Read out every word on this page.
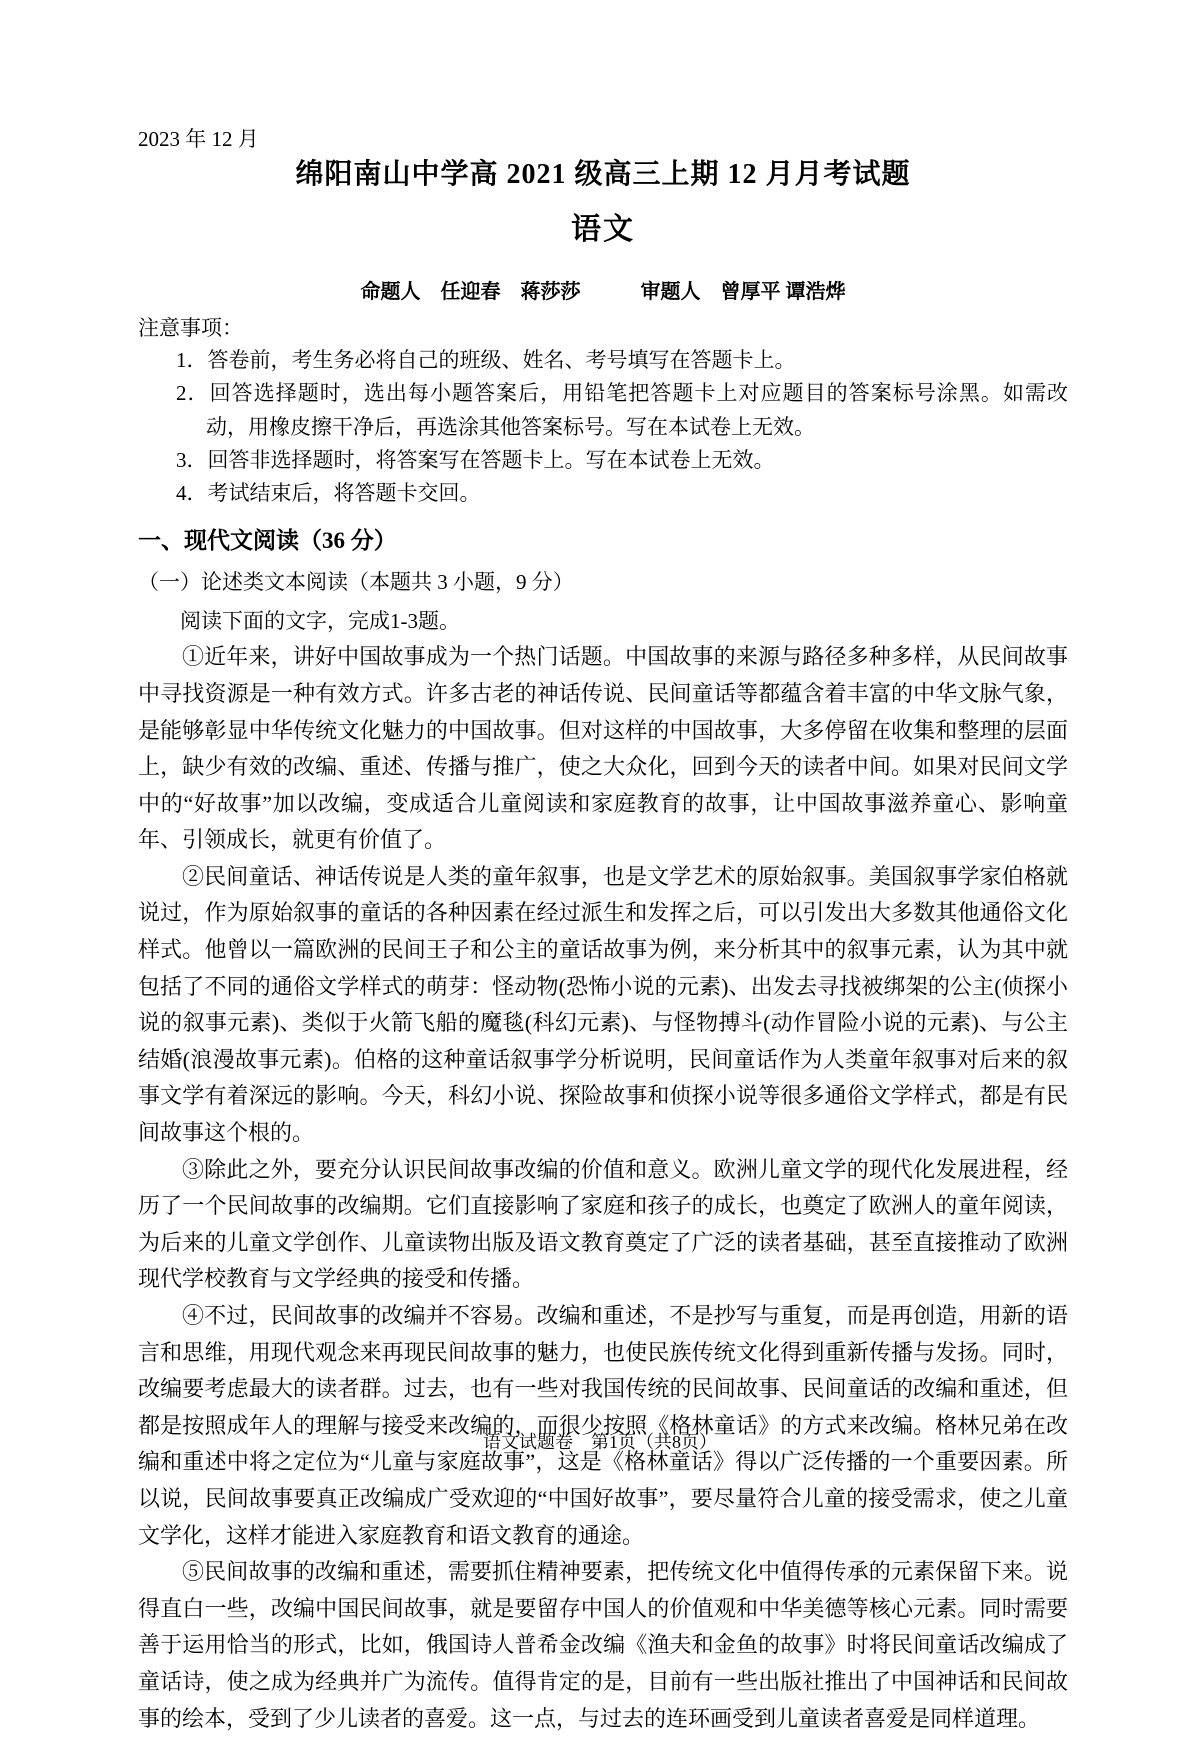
2023 年 12 月
绵阳南山中学高 2021 级高三上期 12 月月考试题
语文
命题人　任迎春　蒋莎莎　　　审题人　曾厚平 谭浩烨
注意事项：
1．答卷前，考生务必将自己的班级、姓名、考号填写在答题卡上。
2．回答选择题时，选出每小题答案后，用铅笔把答题卡上对应题目的答案标号涂黑。如需改动，用橡皮擦干净后，再选涂其他答案标号。写在本试卷上无效。
3．回答非选择题时，将答案写在答题卡上。写在本试卷上无效。
4．考试结束后，将答题卡交回。
一、现代文阅读（36 分）
（一）论述类文本阅读（本题共 3 小题，9 分）
阅读下面的文字，完成1-3题。

①近年来，讲好中国故事成为一个热门话题。中国故事的来源与路径多种多样，从民间故事中寻找资源是一种有效方式。许多古老的神话传说、民间童话等都蕴含着丰富的中华文脉气象，是能够彰显中华传统文化魅力的中国故事。但对这样的中国故事，大多停留在收集和整理的层面上，缺少有效的改编、重述、传播与推广，使之大众化，回到今天的读者中间。如果对民间文学中的“好故事”加以改编，变成适合儿童阅读和家庭教育的故事，让中国故事滋养童心、影响童年、引领成长，就更有价值了。

②民间童话、神话传说是人类的童年叙事，也是文学艺术的原始叙事。美国叙事学家伯格就说过，作为原始叙事的童话的各种因素在经过派生和发挥之后，可以引发出大多数其他通俗文化样式。他曾以一篇欧洲的民间王子和公主的童话故事为例，来分析其中的叙事元素，认为其中就包括了不同的通俗文学样式的萌芽：怪动物(恐怖小说的元素)、出发去寻找被绑架的公主(侦探小说的叙事元素)、类似于火箭飞船的魔毯(科幻元素)、与怪物搏斗(动作冒险小说的元素)、与公主结婚(浪漫故事元素)。伯格的这种童话叙事学分析说明，民间童话作为人类童年叙事对后来的叙事文学有着深远的影响。今天，科幻小说、探险故事和侦探小说等很多通俗文学样式，都是有民间故事这个根的。

③除此之外，要充分认识民间故事改编的价值和意义。欧洲儿童文学的现代化发展进程，经历了一个民间故事的改编期。它们直接影响了家庭和孩子的成长，也奠定了欧洲人的童年阅读，为后来的儿童文学创作、儿童读物出版及语文教育奠定了广泛的读者基础，甚至直接推动了欧洲现代学校教育与文学经典的接受和传播。

④不过，民间故事的改编并不容易。改编和重述，不是抄写与重复，而是再创造，用新的语言和思维，用现代观念来再现民间故事的魅力，也使民族传统文化得到重新传播与发扬。同时，改编要考虑最大的读者群。过去，也有一些对我国传统的民间故事、民间童话的改编和重述，但都是按照成年人的理解与接受来改编的，而很少按照《格林童话》的方式来改编。格林兄弟在改编和重述中将之定位为“儿童与家庭故事”，这是《格林童话》得以广泛传播的一个重要因素。所以说，民间故事要真正改编成广受欢迎的“中国好故事”，要尽量符合儿童的接受需求，使之儿童文学化，这样才能进入家庭教育和语文教育的通途。

⑤民间故事的改编和重述，需要抓住精神要素，把传统文化中值得传承的元素保留下来。说得直白一些，改编中国民间故事，就是要留存中国人的价值观和中华美德等核心元素。同时需要善于运用恰当的形式，比如，俄国诗人普希金改编《渔夫和金鱼的故事》时将民间童话改编成了童话诗，使之成为经典并广为流传。值得肯定的是，目前有一些出版社推出了中国神话和民间故事的绘本，受到了少儿读者的喜爱。这一点，与过去的连环画受到儿童读者喜爱是同样道理。

语文试题卷　第1页（共8页）
